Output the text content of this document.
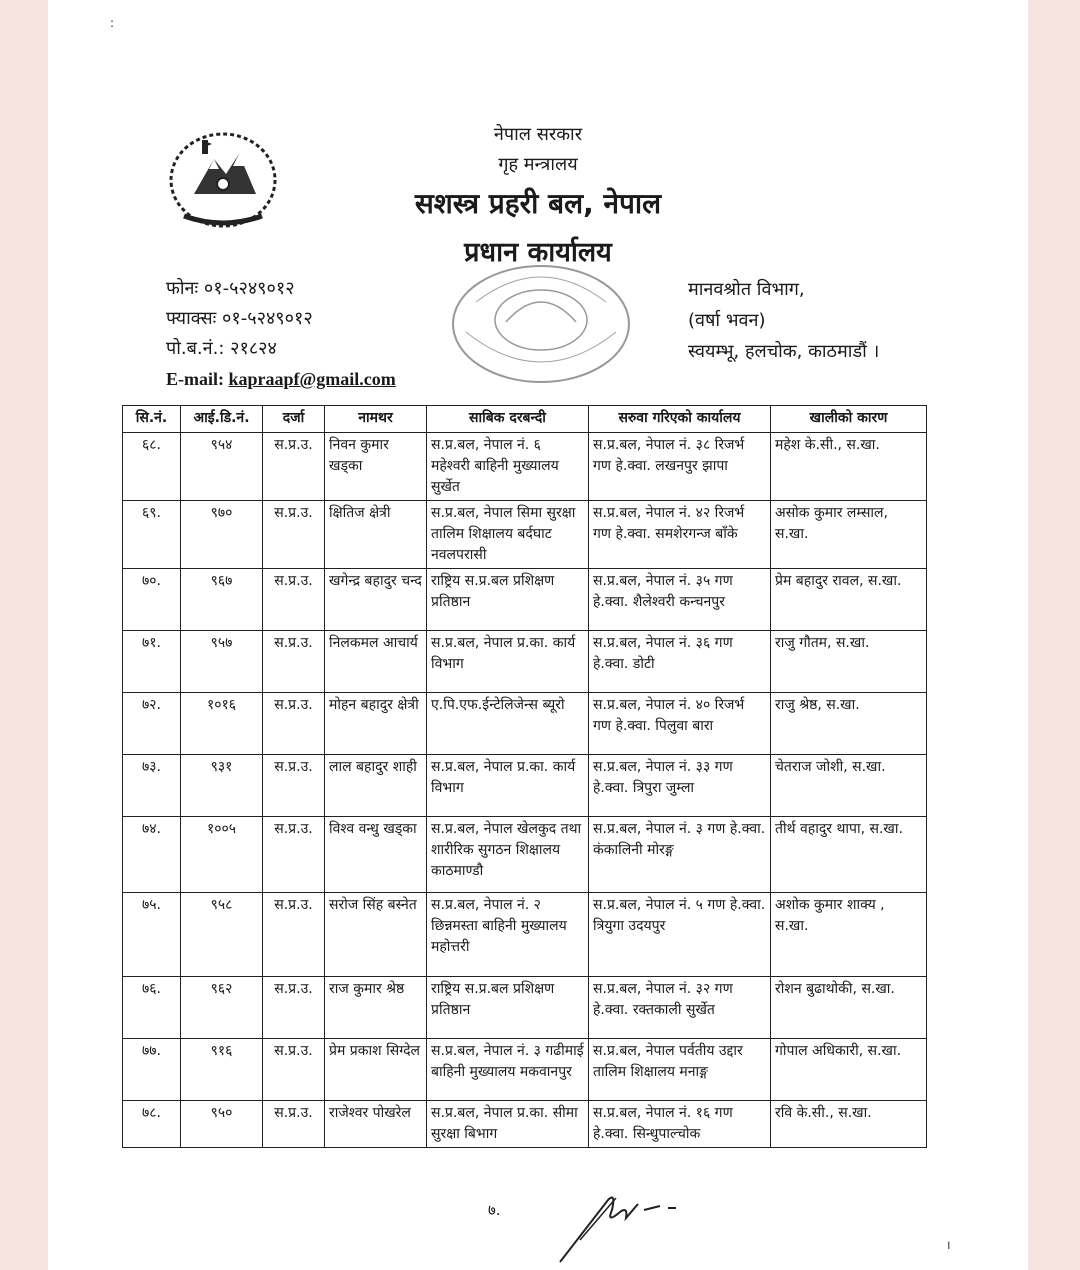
:
नेपाल सरकार
गृह मन्त्रालय
सशस्त्र प्रहरी बल, नेपाल
प्रधान कार्यालय
फोनः ०१-५२४९०१२
फ्याक्सः ०१-५२४९०१२
पो.ब.नं.: २१८२४
E-mail: kapraapf@gmail.com
मानवश्रोत विभाग,
(वर्षा भवन)
स्वयम्भू, हलचोक, काठमाडौं ।
सि.नं.	आई.डि.नं.	दर्जा	नामथर	साबिक दरबन्दी	सरुवा गरिएको कार्यालय	खालीको कारण
६८.	९५४	स.प्र.उ.	निवन कुमार खड्का	स.प्र.बल, नेपाल नं. ६ महेश्वरी बाहिनी मुख्यालय सुर्खेत	स.प्र.बल, नेपाल नं. ३८ रिजर्भ गण हे.क्वा. लखनपुर झापा	महेश के.सी., स.खा.
६९.	९७०	स.प्र.उ.	क्षितिज क्षेत्री	स.प्र.बल, नेपाल सिमा सुरक्षा तालिम शिक्षालय बर्दघाट नवलपरासी	स.प्र.बल, नेपाल नं. ४२ रिजर्भ गण हे.क्वा. समशेरगन्ज बाँके	असोक कुमार लम्साल, स.खा.
७०.	९६७	स.प्र.उ.	खगेन्द्र बहादुर चन्द	राष्ट्रिय स.प्र.बल प्रशिक्षण प्रतिष्ठान	स.प्र.बल, नेपाल नं. ३५ गण हे.क्वा. शैलेश्वरी कन्चनपुर	प्रेम बहादुर रावल, स.खा.
७१.	९५७	स.प्र.उ.	निलकमल आचार्य	स.प्र.बल, नेपाल प्र.का. कार्य विभाग	स.प्र.बल, नेपाल नं. ३६ गण हे.क्वा. डोटी	राजु गौतम, स.खा.
७२.	१०१६	स.प्र.उ.	मोहन बहादुर क्षेत्री	ए.पि.एफ.ईन्टेलिजेन्स ब्यूरो	स.प्र.बल, नेपाल नं. ४० रिजर्भ गण हे.क्वा. पिलुवा बारा	राजु श्रेष्ठ, स.खा.
७३.	९३१	स.प्र.उ.	लाल बहादुर शाही	स.प्र.बल, नेपाल प्र.का. कार्य विभाग	स.प्र.बल, नेपाल नं. ३३ गण हे.क्वा. त्रिपुरा जुम्ला	चेतराज जोशी, स.खा.
७४.	१००५	स.प्र.उ.	विश्व वन्धु खड्का	स.प्र.बल, नेपाल खेलकुद तथा शारीरिक सुगठन शिक्षालय काठमाण्डौ	स.प्र.बल, नेपाल नं. ३ गण हे.क्वा. कंकालिनी मोरङ्ग	तीर्थ वहादुर थापा, स.खा.
७५.	९५८	स.प्र.उ.	सरोज सिंह बस्नेत	स.प्र.बल, नेपाल नं. २ छिन्नमस्ता बाहिनी मुख्यालय महोत्तरी	स.प्र.बल, नेपाल नं. ५ गण हे.क्वा. त्रियुगा उदयपुर	अशोक कुमार शाक्य , स.खा.
७६.	९६२	स.प्र.उ.	राज कुमार श्रेष्ठ	राष्ट्रिय स.प्र.बल प्रशिक्षण प्रतिष्ठान	स.प्र.बल, नेपाल नं. ३२ गण हे.क्वा. रक्तकाली सुर्खेत	रोशन बुढाथोकी, स.खा.
७७.	९१६	स.प्र.उ.	प्रेम प्रकाश सिग्देल	स.प्र.बल, नेपाल नं. ३ गढीमाई बाहिनी मुख्यालय मकवानपुर	स.प्र.बल, नेपाल पर्वतीय उद्दार तालिम शिक्षालय मनाङ्ग	गोपाल अधिकारी, स.खा.
७८.	९५०	स.प्र.उ.	राजेश्वर पोखरेल	स.प्र.बल, नेपाल प्र.का. सीमा सुरक्षा बिभाग	स.प्र.बल, नेपाल नं. १६ गण हे.क्वा. सिन्धुपाल्चोक	रवि के.सी., स.खा.
७.
।
